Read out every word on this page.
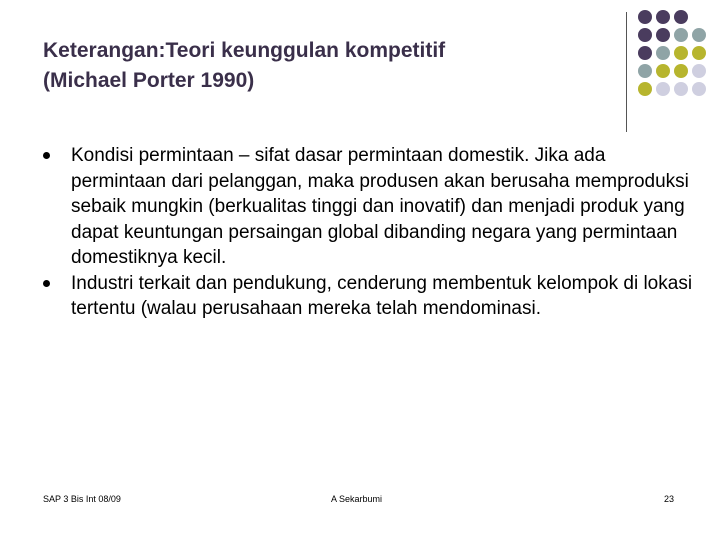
Keterangan:Teori keunggulan kompetitif
(Michael Porter 1990)
Kondisi permintaan – sifat dasar permintaan domestik. Jika ada permintaan dari pelanggan, maka produsen akan berusaha memproduksi sebaik mungkin (berkualitas tinggi dan inovatif) dan menjadi produk yang dapat keuntungan persaingan global dibanding negara yang permintaan domestiknya kecil.
Industri terkait dan pendukung, cenderung membentuk kelompok di lokasi tertentu (walau perusahaan mereka telah mendominasi.
SAP 3 Bis Int 08/09	A Sekarbumi	23
